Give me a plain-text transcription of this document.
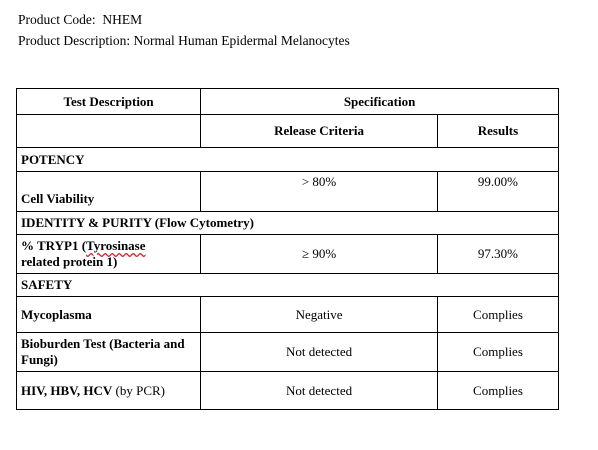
Product Code: NHEM
Product Description: Normal Human Epidermal Melanocytes
Test Description	Specification	
	Release Criteria	Results
POTENCY		
Cell Viability	> 80%	99.00%
IDENTITY & PURITY (Flow Cytometry)		
% TRYP1 (Tyrosinase
related protein 1)	≥ 90%	97.30%
SAFETY		
Mycoplasma	Negative	Complies
Bioburden Test (Bacteria and Fungi)	Not detected	Complies
HIV, HBV, HCV (by PCR)	Not detected	Complies
